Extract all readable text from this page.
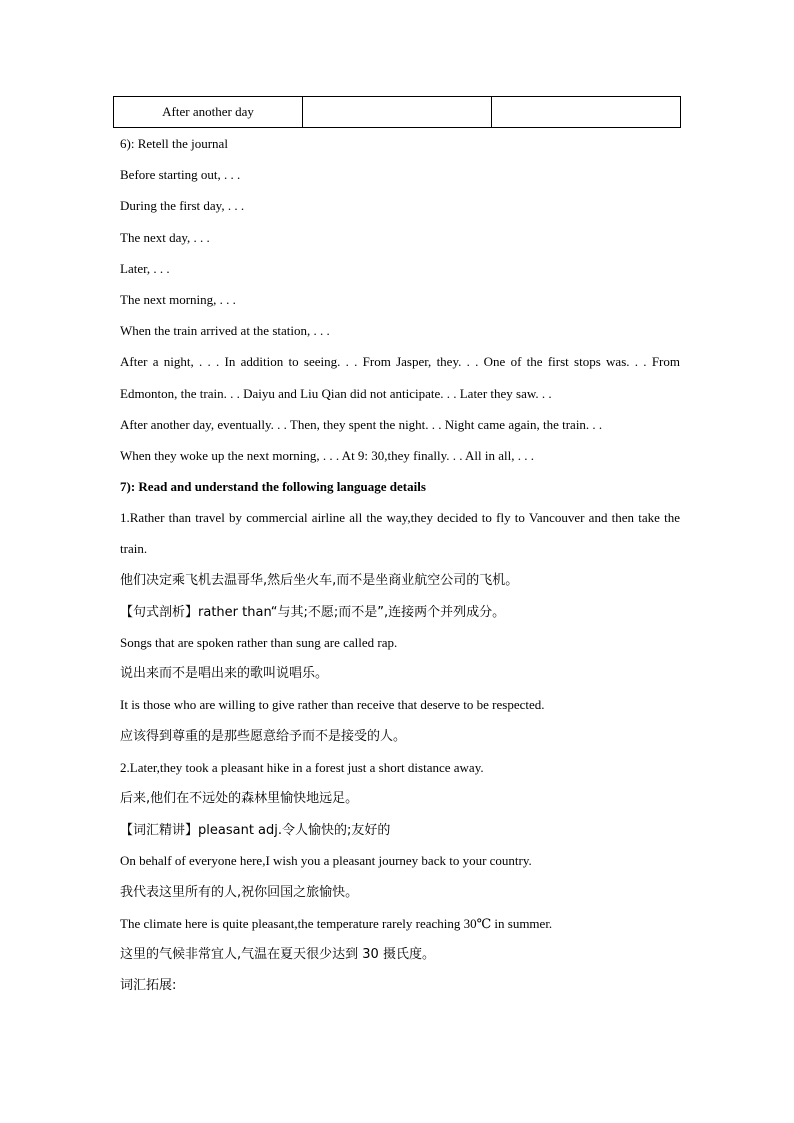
After another day		
6): Retell the journal
Before starting out, . . .
During the first day, . . .
The next day, . . .
Later, . . .
The next morning, . . .
When the train arrived at the station, . . .
After a night, . . . In addition to seeing. . . From Jasper, they. . . One of the first stops was. . . From Edmonton, the train. . . Daiyu and Liu Qian did not anticipate. . . Later they saw. . .
After another day, eventually. . . Then, they spent the night. . . Night came again, the train. . .
When they woke up the next morning, . . . At 9: 30,they finally. . . All in all, . . .
7): Read and understand the following language details
1.Rather than travel by commercial airline all the way,they decided to fly to Vancouver and then take the train.
他们决定乘飞机去温哥华,然后坐火车,而不是坐商业航空公司的飞机。
【句式剖析】rather than“与其;不愿;而不是”,连接两个并列成分。
Songs that are spoken rather than sung are called rap.
说出来而不是唱出来的歌叫说唱乐。
It is those who are willing to give rather than receive that deserve to be respected.
应该得到尊重的是那些愿意给予而不是接受的人。
2.Later,they took a pleasant hike in a forest just a short distance away.
后来,他们在不远处的森林里愉快地远足。
【词汇精讲】pleasant adj.令人愉快的;友好的
On behalf of everyone here,I wish you a pleasant journey back to your country.
我代表这里所有的人,祝你回国之旅愉快。
The climate here is quite pleasant,the temperature rarely reaching 30℃ in summer.
这里的气候非常宜人,气温在夏天很少达到 30 摄氏度。
词汇拓展:
